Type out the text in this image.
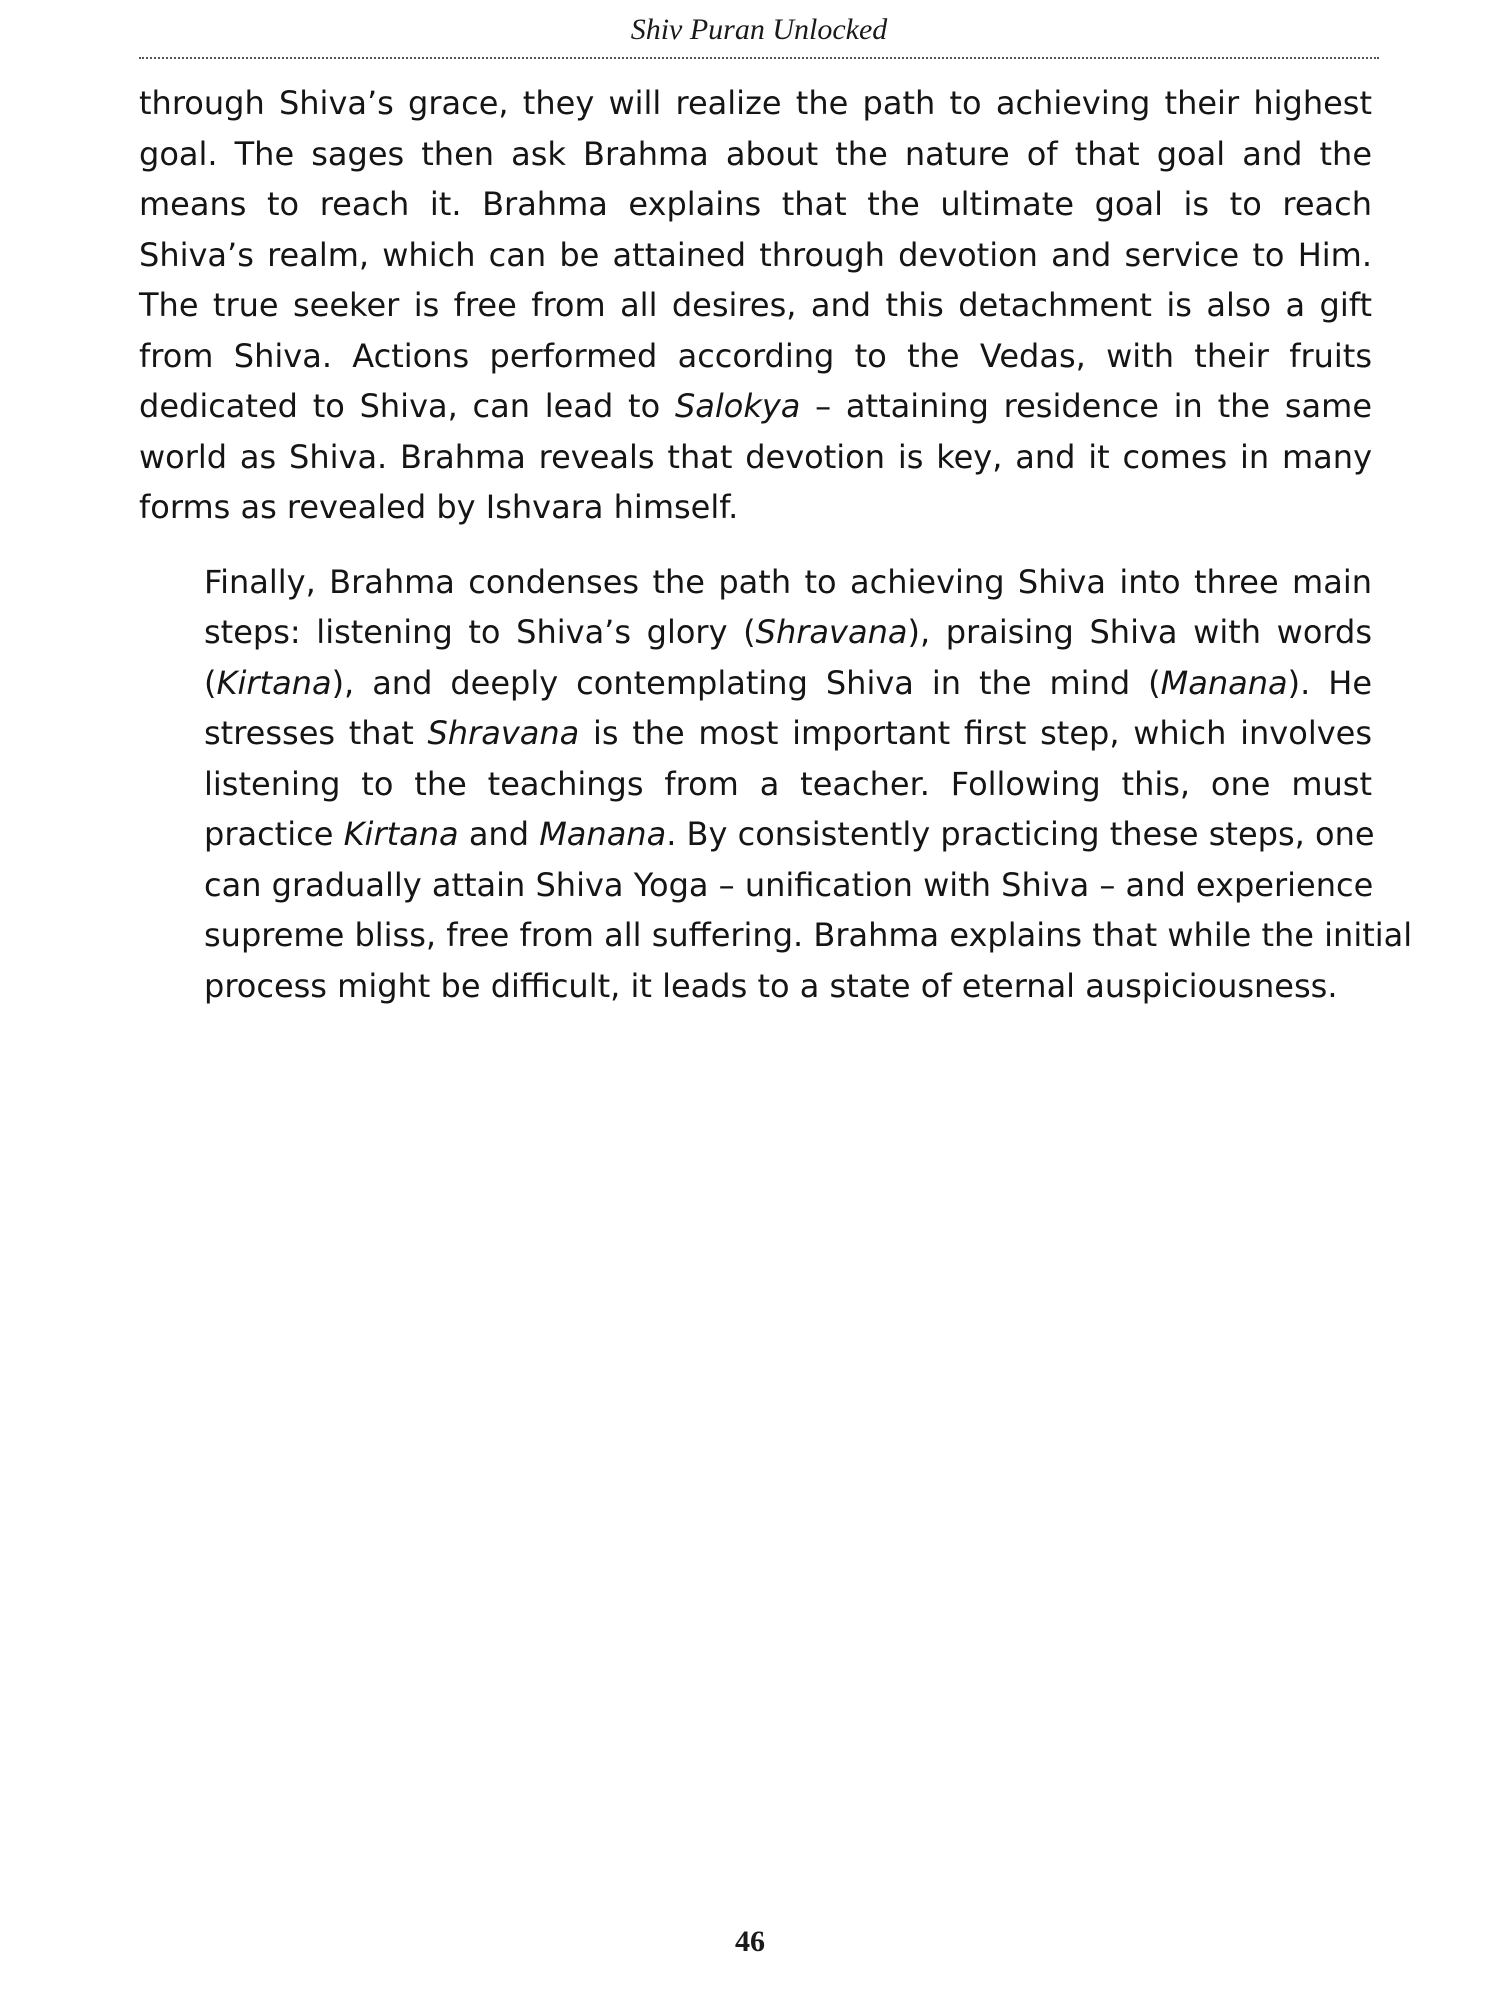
Shiv Puran Unlocked
through Shiva’s grace, they will realize the path to achieving their highest
goal. The sages then ask Brahma about the nature of that goal and the
means to reach it. Brahma explains that the ultimate goal is to reach
Shiva’s realm, which can be attained through devotion and service to Him.
The true seeker is free from all desires, and this detachment is also a gift
from Shiva. Actions performed according to the Vedas, with their fruits
dedicated to Shiva, can lead to Salokya – attaining residence in the same
world as Shiva. Brahma reveals that devotion is key, and it comes in many
forms as revealed by Ishvara himself.
Finally, Brahma condenses the path to achieving Shiva into three main
steps: listening to Shiva’s glory (Shravana), praising Shiva with words
(Kirtana), and deeply contemplating Shiva in the mind (Manana). He
stresses that Shravana is the most important first step, which involves
listening to the teachings from a teacher. Following this, one must
practice Kirtana and Manana. By consistently practicing these steps, one
can gradually attain Shiva Yoga – unification with Shiva – and experience
supreme bliss, free from all suffering. Brahma explains that while the initial
process might be difficult, it leads to a state of eternal auspiciousness.
46
